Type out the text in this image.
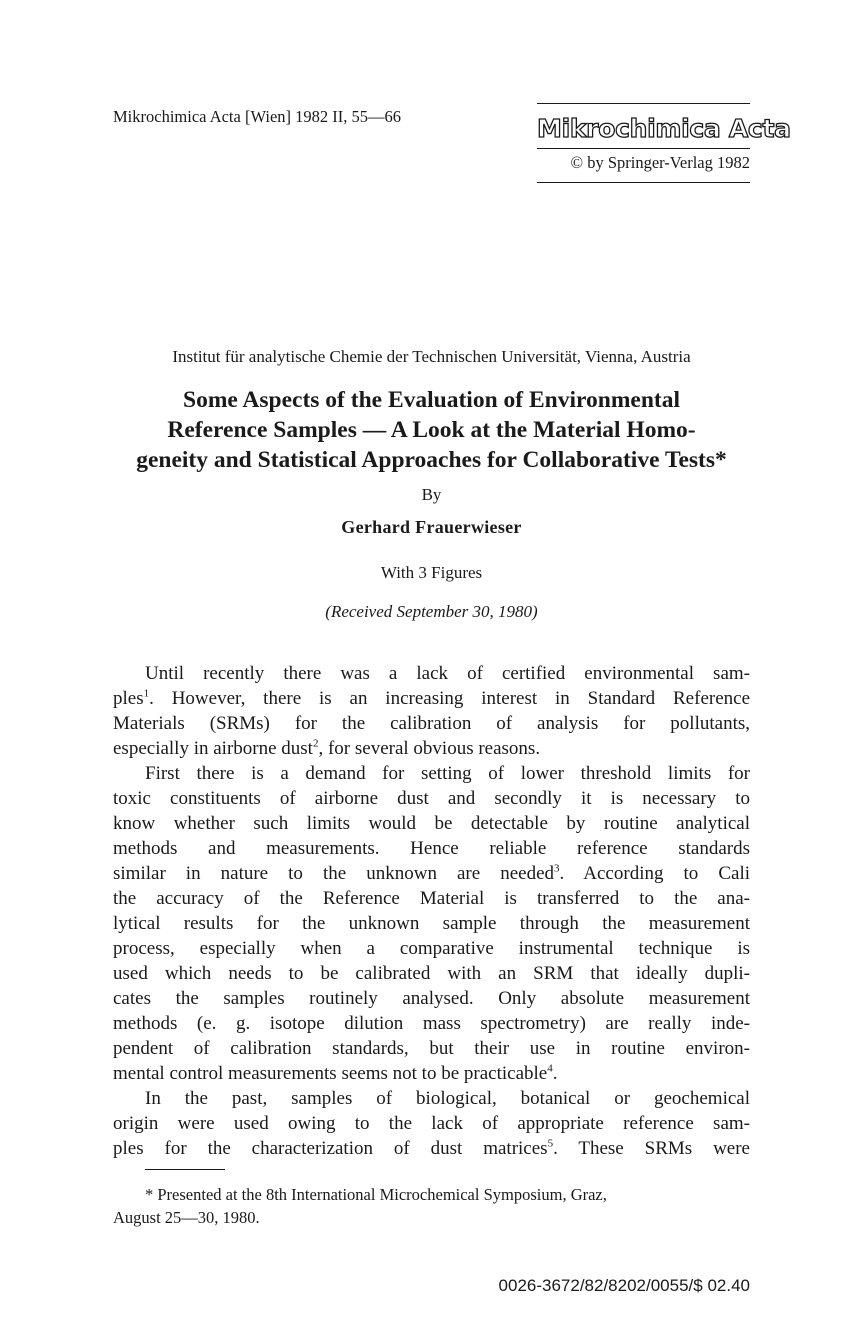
Mikrochimica Acta [Wien] 1982 II, 55—66	Mikrochimica Acta
© by Springer-Verlag 1982
Institut für analytische Chemie der Technischen Universität, Vienna, Austria
Some Aspects of the Evaluation of Environmental
Reference Samples — A Look at the Material Homo-
geneity and Statistical Approaches for Collaborative Tests*
By
Gerhard Frauerwieser
With 3 Figures
(Received September 30, 1980)
Until recently there was a lack of certified environmental sam-
ples$^1$. However, there is an increasing interest in Standard Reference
Materials (SRMs) for the calibration of analysis for pollutants,
especially in airborne dust$^2$, for several obvious reasons.
First there is a demand for setting of lower threshold limits for
toxic constituents of airborne dust and secondly it is necessary to
know whether such limits would be detectable by routine analytical
methods and measurements. Hence reliable reference standards
similar in nature to the unknown are needed$^3$. According to Cali
the accuracy of the Reference Material is transferred to the ana-
lytical results for the unknown sample through the measurement
process, especially when a comparative instrumental technique is
used which needs to be calibrated with an SRM that ideally dupli-
cates the samples routinely analysed. Only absolute measurement
methods (e. g. isotope dilution mass spectrometry) are really inde-
pendent of calibration standards, but their use in routine environ-
mental control measurements seems not to be practicable$^4$.
In the past, samples of biological, botanical or geochemical
origin were used owing to the lack of appropriate reference sam-
ples for the characterization of dust matrices$^5$. These SRMs were
* Presented at the 8th International Microchemical Symposium, Graz,
August 25—30, 1980.
0026-3672/82/8202/0055/$ 02.40
